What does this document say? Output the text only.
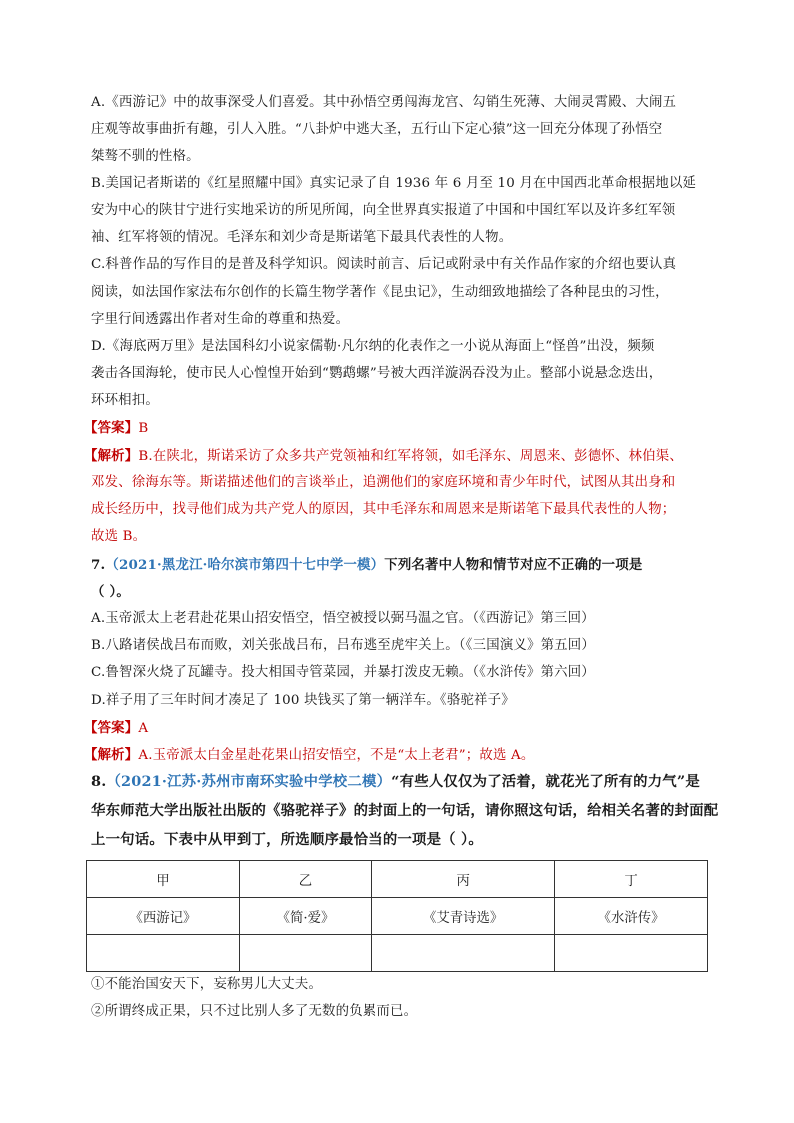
A.《西游记》中的故事深受人们喜爱。其中孙悟空勇闯海龙宫、勾销生死薄、大闹灵霄殿、大闹五
庄观等故事曲折有趣，引人入胜。“八卦炉中逃大圣，五行山下定心猿”这一回充分体现了孙悟空
桀骜不驯的性格。
B.美国记者斯诺的《红星照耀中国》真实记录了自 1936 年 6 月至 10 月在中国西北革命根据地以延
安为中心的陕甘宁进行实地采访的所见所闻，向全世界真实报道了中国和中国红军以及许多红军领
袖、红军将领的情况。毛泽东和刘少奇是斯诺笔下最具代表性的人物。
C.科普作品的写作目的是普及科学知识。阅读时前言、后记或附录中有关作品作家的介绍也要认真
阅读，如法国作家法布尔创作的长篇生物学著作《昆虫记》，生动细致地描绘了各种昆虫的习性，
字里行间透露出作者对生命的尊重和热爱。
D.《海底两万里》是法国科幻小说家儒勒·凡尔纳的化表作之一小说从海面上“怪兽”出没，频频
袭击各国海轮，使市民人心惶惶开始到“鹦鹉螺”号被大西洋漩涡吞没为止。整部小说悬念迭出，
环环相扣。
【答案】B
【解析】B.在陕北，斯诺采访了众多共产党领袖和红军将领，如毛泽东、周恩来、彭德怀、林伯渠、
邓发、徐海东等。斯诺描述他们的言谈举止，追溯他们的家庭环境和青少年时代，试图从其出身和
成长经历中，找寻他们成为共产党人的原因，其中毛泽东和周恩来是斯诺笔下最具代表性的人物；
故选 B。
7.（2021·黑龙江·哈尔滨市第四十七中学一模）下列名著中人物和情节对应不正确的一项是
（ ）。
A.玉帝派太上老君赴花果山招安悟空，悟空被授以弼马温之官。（《西游记》第三回）
B.八路诸侯战吕布而败，刘关张战吕布，吕布逃至虎牢关上。（《三国演义》第五回）
C.鲁智深火烧了瓦罐寺。投大相国寺管菜园，并暴打泼皮无赖。（《水浒传》第六回）
D.祥子用了三年时间才凑足了 100 块钱买了第一辆洋车。《骆驼祥子》
【答案】A
【解析】A.玉帝派太白金星赴花果山招安悟空，不是“太上老君”；故选 A。
8.（2021·江苏·苏州市南环实验中学校二模）“有些人仅仅为了活着，就花光了所有的力气”是
华东师范大学出版社出版的《骆驼祥子》的封面上的一句话，请你照这句话，给相关名著的封面配
上一句话。下表中从甲到丁，所选顺序最恰当的一项是（ ）。
甲	乙	丙	丁
《西游记》	《简·爱》	《艾青诗选》	《水浒传》

①不能治国安天下，妄称男儿大丈夫。
②所谓终成正果，只不过比别人多了无数的负累而已。
